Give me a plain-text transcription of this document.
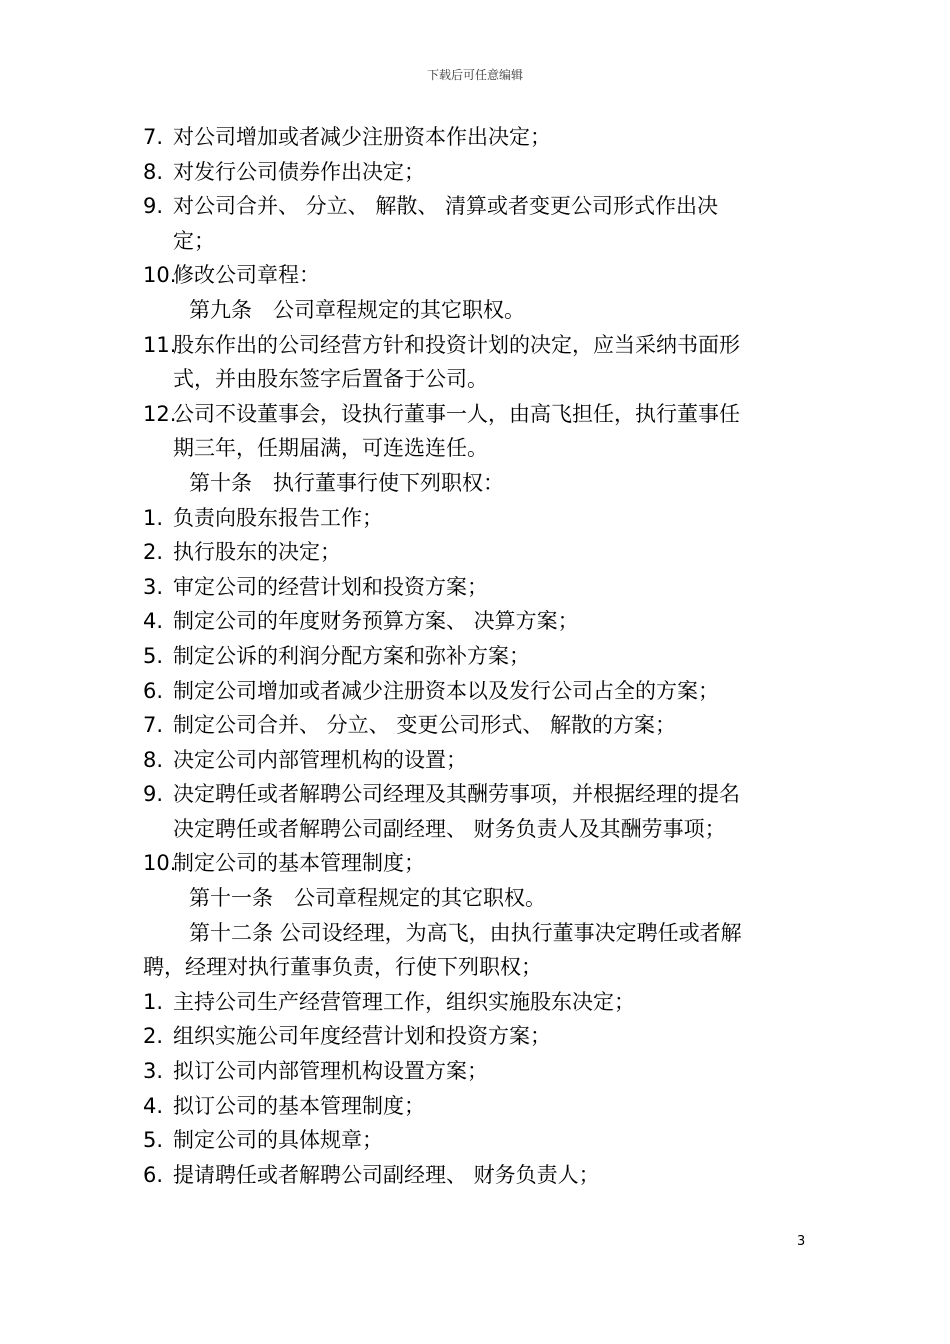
下载后可任意编辑
7. 对公司增加或者减少注册资本作出决定；
8. 对发行公司债券作出决定；
9. 对公司合并、 分立、 解散、 清算或者变更公司形式作出决
定；
10.
修改公司章程：
第九条　公司章程规定的其它职权。
11.
股东作出的公司经营方针和投资计划的决定，应当采纳书面形
式，并由股东签字后置备于公司。
12.
公司不设董事会，设执行董事一人，由高飞担任，执行董事任
期三年，任期届满，可连选连任。
第十条　执行董事行使下列职权：
1. 负责向股东报告工作；
2. 执行股东的决定；
3. 审定公司的经营计划和投资方案；
4. 制定公司的年度财务预算方案、 决算方案；
5. 制定公诉的利润分配方案和弥补方案；
6. 制定公司增加或者减少注册资本以及发行公司占全的方案；
7. 制定公司合并、 分立、 变更公司形式、 解散的方案；
8. 决定公司内部管理机构的设置；
9. 决定聘任或者解聘公司经理及其酬劳事项，并根据经理的提名
决定聘任或者解聘公司副经理、 财务负责人及其酬劳事项；
10.
制定公司的基本管理制度；
第十一条　公司章程规定的其它职权。
第十二条 公司设经理，为高飞，由执行董事决定聘任或者解
聘，经理对执行董事负责，行使下列职权；
1. 主持公司生产经营管理工作，组织实施股东决定；
2. 组织实施公司年度经营计划和投资方案；
3. 拟订公司内部管理机构设置方案；
4. 拟订公司的基本管理制度；
5. 制定公司的具体规章；
6. 提请聘任或者解聘公司副经理、 财务负责人；
3
